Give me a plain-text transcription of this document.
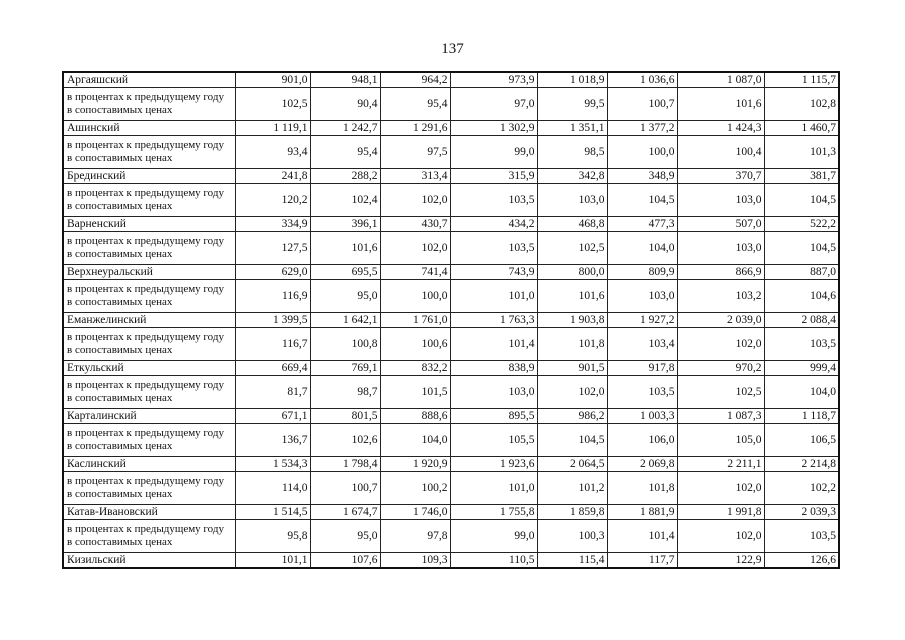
137
Аргаяшский	901,0	948,1	964,2	973,9	1 018,9	1 036,6	1 087,0	1 115,7
в процентах к предыдущему году в сопоставимых ценах	102,5	90,4	95,4	97,0	99,5	100,7	101,6	102,8
Ашинский	1 119,1	1 242,7	1 291,6	1 302,9	1 351,1	1 377,2	1 424,3	1 460,7
в процентах к предыдущему году в сопоставимых ценах	93,4	95,4	97,5	99,0	98,5	100,0	100,4	101,3
Брединский	241,8	288,2	313,4	315,9	342,8	348,9	370,7	381,7
в процентах к предыдущему году в сопоставимых ценах	120,2	102,4	102,0	103,5	103,0	104,5	103,0	104,5
Варненский	334,9	396,1	430,7	434,2	468,8	477,3	507,0	522,2
в процентах к предыдущему году в сопоставимых ценах	127,5	101,6	102,0	103,5	102,5	104,0	103,0	104,5
Верхнеуральский	629,0	695,5	741,4	743,9	800,0	809,9	866,9	887,0
в процентах к предыдущему году в сопоставимых ценах	116,9	95,0	100,0	101,0	101,6	103,0	103,2	104,6
Еманжелинский	1 399,5	1 642,1	1 761,0	1 763,3	1 903,8	1 927,2	2 039,0	2 088,4
в процентах к предыдущему году в сопоставимых ценах	116,7	100,8	100,6	101,4	101,8	103,4	102,0	103,5
Еткульский	669,4	769,1	832,2	838,9	901,5	917,8	970,2	999,4
в процентах к предыдущему году в сопоставимых ценах	81,7	98,7	101,5	103,0	102,0	103,5	102,5	104,0
Карталинский	671,1	801,5	888,6	895,5	986,2	1 003,3	1 087,3	1 118,7
в процентах к предыдущему году в сопоставимых ценах	136,7	102,6	104,0	105,5	104,5	106,0	105,0	106,5
Каслинский	1 534,3	1 798,4	1 920,9	1 923,6	2 064,5	2 069,8	2 211,1	2 214,8
в процентах к предыдущему году в сопоставимых ценах	114,0	100,7	100,2	101,0	101,2	101,8	102,0	102,2
Катав-Ивановский	1 514,5	1 674,7	1 746,0	1 755,8	1 859,8	1 881,9	1 991,8	2 039,3
в процентах к предыдущему году в сопоставимых ценах	95,8	95,0	97,8	99,0	100,3	101,4	102,0	103,5
Кизильский	101,1	107,6	109,3	110,5	115,4	117,7	122,9	126,6
